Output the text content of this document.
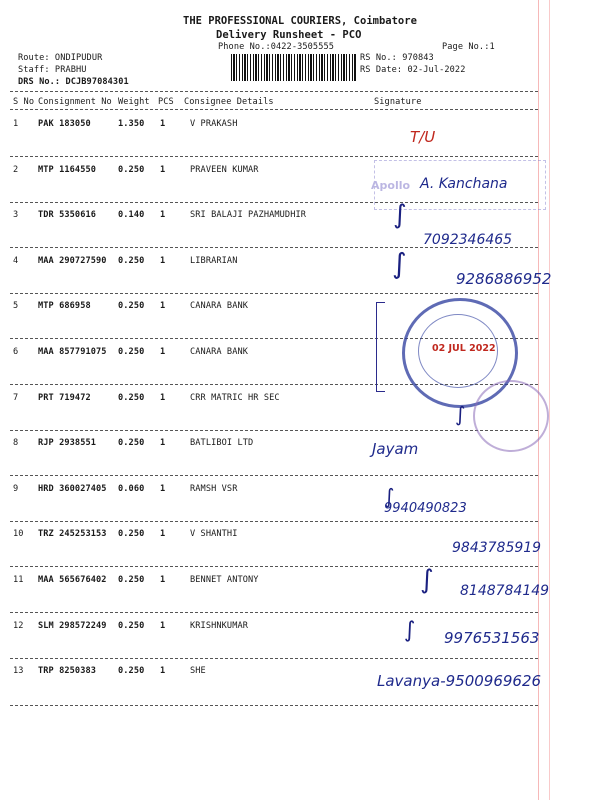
THE PROFESSIONAL COURIERS, Coimbatore
Delivery Runsheet - PCO
Phone No.:0422-3505555	Page No.:1
Route: ONDIPUDUR
Staff: PRABHU
DRS No.: DCJB97084301
RS No.: 970843
RS Date: 02-Jul-2022
S No Consignment No Weight PCS Consignee Details	Signature
1 PAK 183050	1.350 1	V PRAKASH
2 MTP 1164550	0.250 1	PRAVEEN KUMAR
3 TDR 5350616	0.140 1	SRI BALAJI PAZHAMUDHIR
4 MAA 290727590 0.250 1	LIBRARIAN
5 MTP 686958	0.250 1	CANARA BANK
6 MAA 857791075 0.250 1	CANARA BANK
7 PRT 719472	0.250 1	CRR MATRIC HR SEC
8 RJP 2938551	0.250 1	BATLIBOI LTD
9 HRD 360027405 0.060 1	RAMSH VSR
10 TRZ 245253153 0.250 1	V SHANTHI
11 MAA 565676402 0.250 1	BENNET ANTONY
12 SLM 298572249 0.250 1	KRISHNKUMAR
13 TRP 8250383	0.250 1	SHE
Apollo
02 JUL 2022
T/U
A. Kanchana
∫
7092346465
∫	9286886952
∫
Jayam
∫
9940490823
9843785919
∫ 8148784149
∫ 9976531563
Lavanya-9500969626
